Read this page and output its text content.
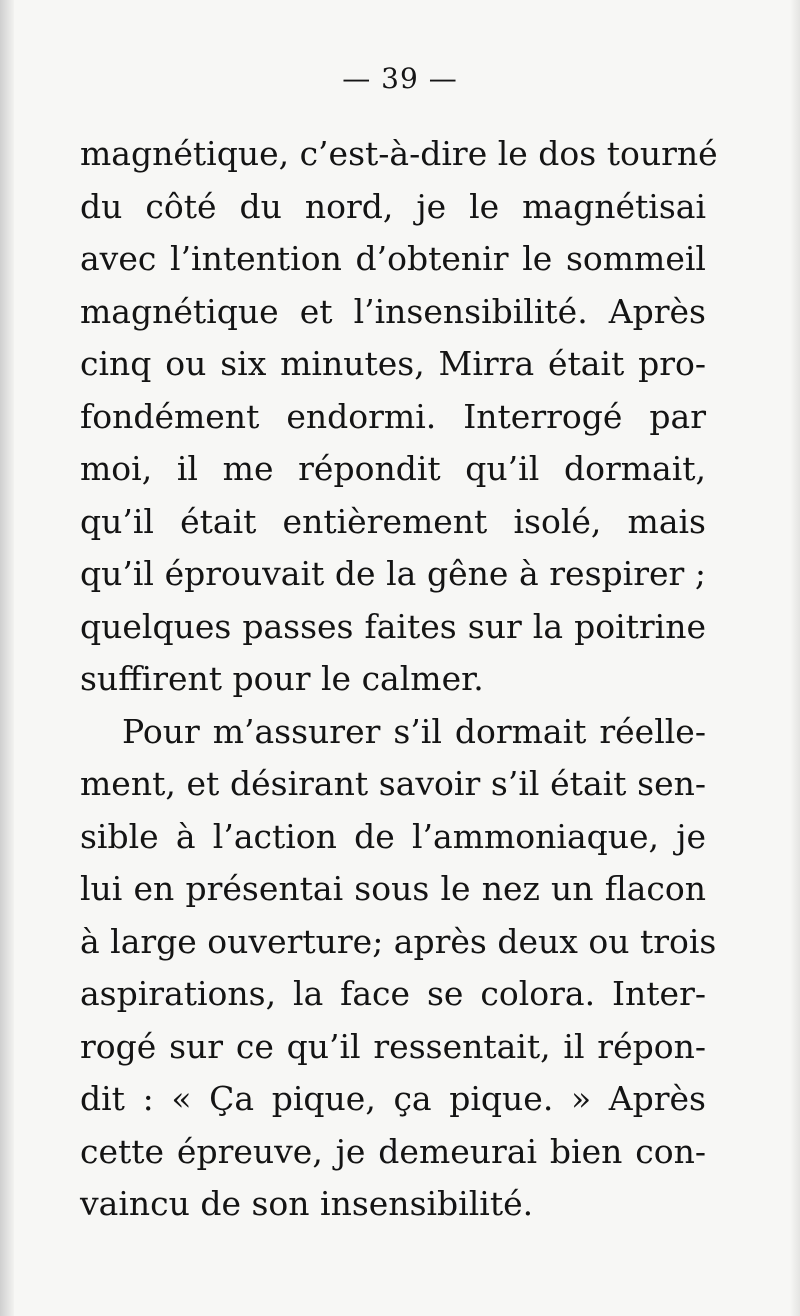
— 39 —
magnétique, c’est-à-dire le dos tourné
du côté du nord, je le magnétisai
avec l’intention d’obtenir le sommeil
magnétique et l’insensibilité. Après
cinq ou six minutes, Mirra était pro-
fondément endormi. Interrogé par
moi, il me répondit qu’il dormait,
qu’il était entièrement isolé, mais
qu’il éprouvait de la gêne à respirer ;
quelques passes faites sur la poitrine
suffirent pour le calmer.
Pour m’assurer s’il dormait réelle-
ment, et désirant savoir s’il était sen-
sible à l’action de l’ammoniaque, je
lui en présentai sous le nez un flacon
à large ouverture; après deux ou trois
aspirations, la face se colora. Inter-
rogé sur ce qu’il ressentait, il répon-
dit : « Ça pique, ça pique. » Après
cette épreuve, je demeurai bien con-
vaincu de son insensibilité.
